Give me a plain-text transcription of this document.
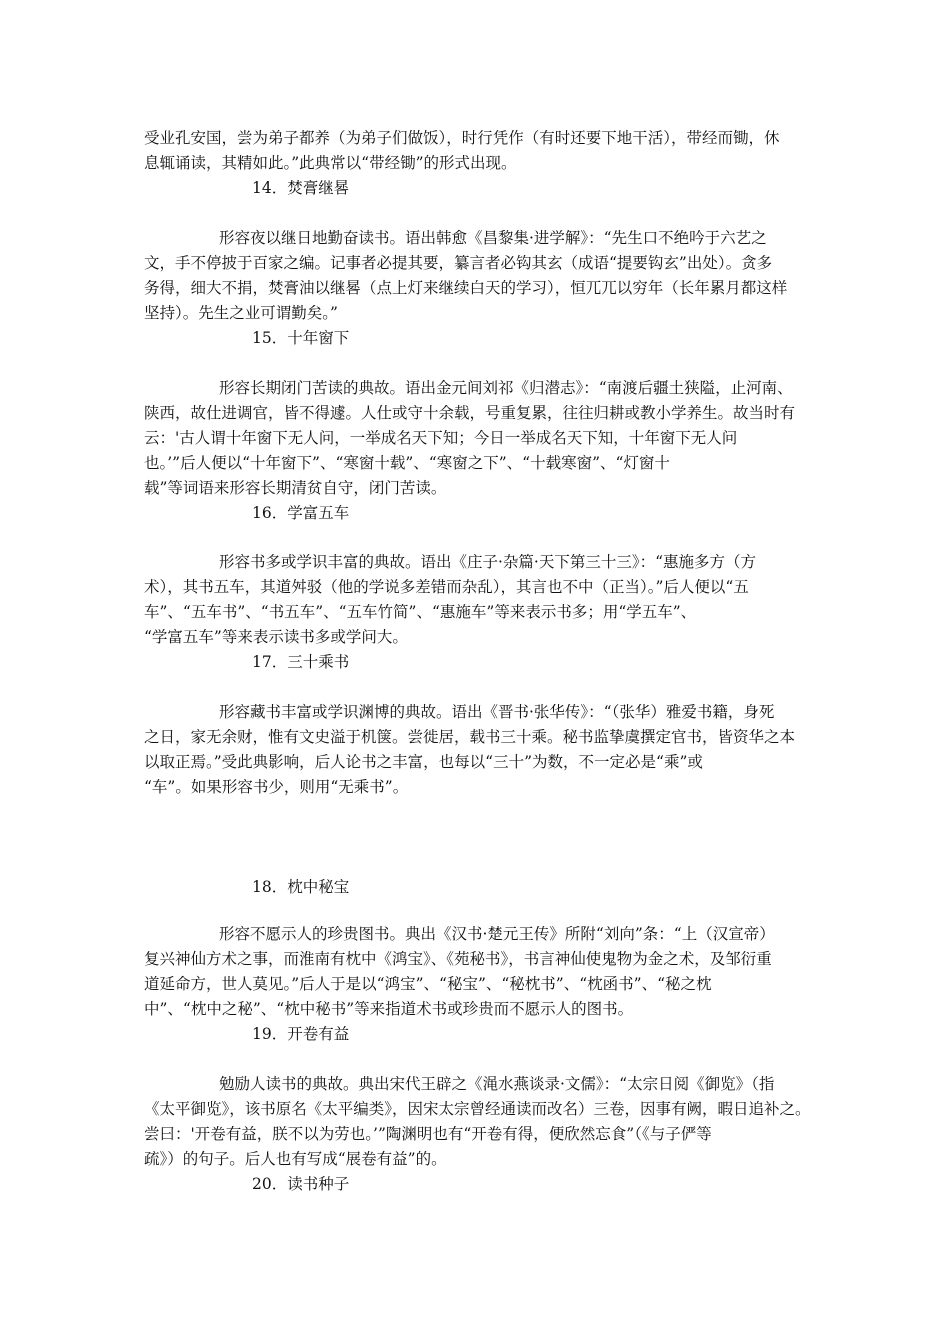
受业孔安国，尝为弟子都养（为弟子们做饭），时行凭作（有时还要下地干活），带经而锄，休
息辄诵读，其精如此。”此典常以“带经锄”的形式出现。
14．焚膏继晷
形容夜以继日地勤奋读书。语出韩愈《昌黎集·进学解》：“先生口不绝吟于六艺之
文，手不停披于百家之编。记事者必提其要，纂言者必钩其玄（成语“提要钩玄”出处）。贪多
务得，细大不捐，焚膏油以继晷（点上灯来继续白天的学习），恒兀兀以穷年（长年累月都这样
坚持）。先生之业可谓勤矣。”
15．十年窗下
形容长期闭门苦读的典故。语出金元间刘祁《归潜志》：“南渡后疆土狭隘，止河南、
陕西，故仕进调官，皆不得遽。人仕或守十余载，号重复累，往往归耕或教小学养生。故当时有
云：'古人谓十年窗下无人问，一举成名天下知；今日一举成名天下知，十年窗下无人问
也。’”后人便以“十年窗下”、“寒窗十载”、“寒窗之下”、“十载寒窗”、“灯窗十
载”等词语来形容长期清贫自守，闭门苦读。
16．学富五车
形容书多或学识丰富的典故。语出《庄子·杂篇·天下第三十三》：“惠施多方（方
术），其书五车，其道舛驳（他的学说多差错而杂乱），其言也不中（正当）。”后人便以“五
车”、“五车书”、“书五车”、“五车竹简”、“惠施车”等来表示书多；用“学五车”、
“学富五车”等来表示读书多或学问大。
17．三十乘书
形容藏书丰富或学识渊博的典故。语出《晋书·张华传》：“（张华）雅爱书籍，身死
之日，家无余财，惟有文史溢于机箧。尝徙居，载书三十乘。秘书监挚虞撰定官书，皆资华之本
以取正焉。”受此典影响，后人论书之丰富，也每以“三十”为数，不一定必是“乘”或
“车”。如果形容书少，则用“无乘书”。
18．枕中秘宝
形容不愿示人的珍贵图书。典出《汉书·楚元王传》所附“刘向”条：“上（汉宣帝）
复兴神仙方术之事，而淮南有枕中《鸿宝》、《苑秘书》，书言神仙使鬼物为金之术，及邹衍重
道延命方，世人莫见。”后人于是以“鸿宝”、“秘宝”、“秘枕书”、“枕函书”、“秘之枕
中”、“枕中之秘”、“枕中秘书”等来指道术书或珍贵而不愿示人的图书。
19．开卷有益
勉励人读书的典故。典出宋代王辟之《渑水燕谈录·文儒》：“太宗日阅《御览》（指
《太平御览》，该书原名《太平编类》，因宋太宗曾经通读而改名）三卷，因事有阙，暇日追补之。
尝曰：'开卷有益，朕不以为劳也。’”陶渊明也有“开卷有得，便欣然忘食”（《与子俨等
疏》）的句子。后人也有写成“展卷有益”的。
20．读书种子
